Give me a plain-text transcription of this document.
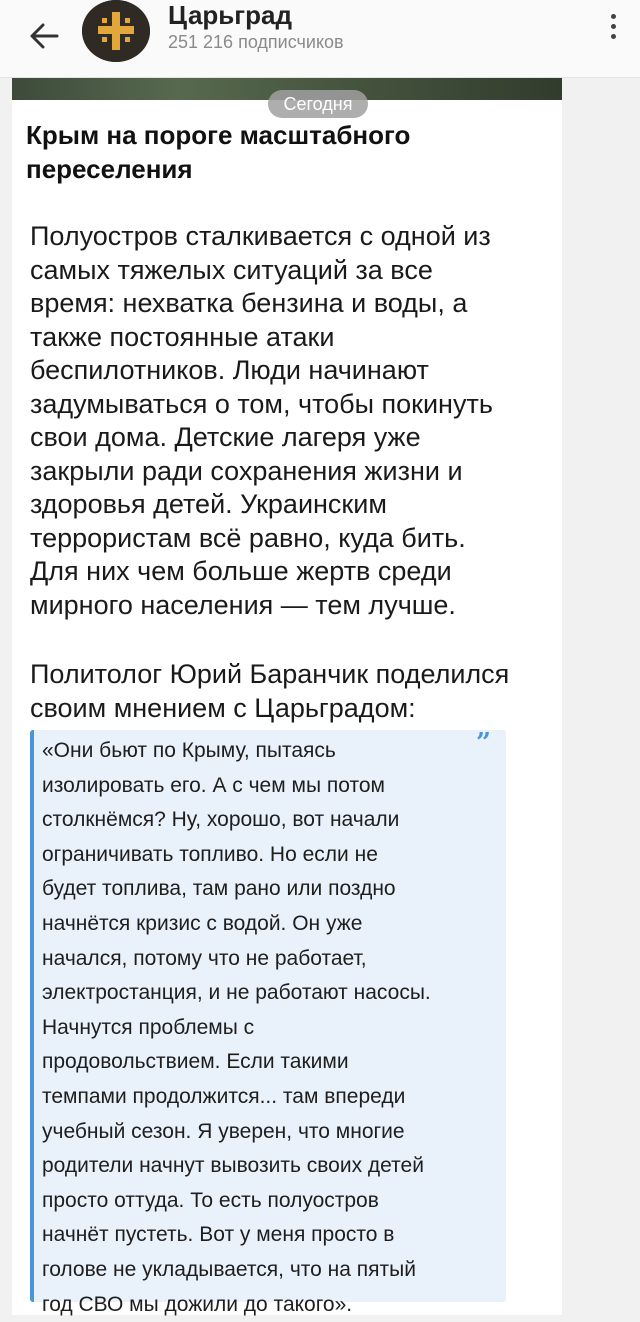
Царьград
251 216 подписчиков
Сегодня
Крым на пороге масштабного
переселения
Полуостров сталкивается с одной из
самых тяжелых ситуаций за все
время: нехватка бензина и воды, а
также постоянные атаки
беспилотников. Люди начинают
задумываться о том, чтобы покинуть
свои дома. Детские лагеря уже
закрыли ради сохранения жизни и
здоровья детей. Украинским
террористам всё равно, куда бить.
Для них чем больше жертв среди
мирного населения — тем лучше.
Политолог Юрий Баранчик поделился
своим мнением с Царьградом:
«Они бьют по Крыму, пытаясь
изолировать его. А с чем мы потом
столкнёмся? Ну, хорошо, вот начали
ограничивать топливо. Но если не
будет топлива, там рано или поздно
начнётся кризис с водой. Он уже
начался, потому что не работает,
электростанция, и не работают насосы.
Начнутся проблемы с
продовольствием. Если такими
темпами продолжится... там впереди
учебный сезон. Я уверен, что многие
родители начнут вывозить своих детей
просто оттуда. То есть полуостров
начнёт пустеть. Вот у меня просто в
голове не укладывается, что на пятый
год СВО мы дожили до такого».
”
